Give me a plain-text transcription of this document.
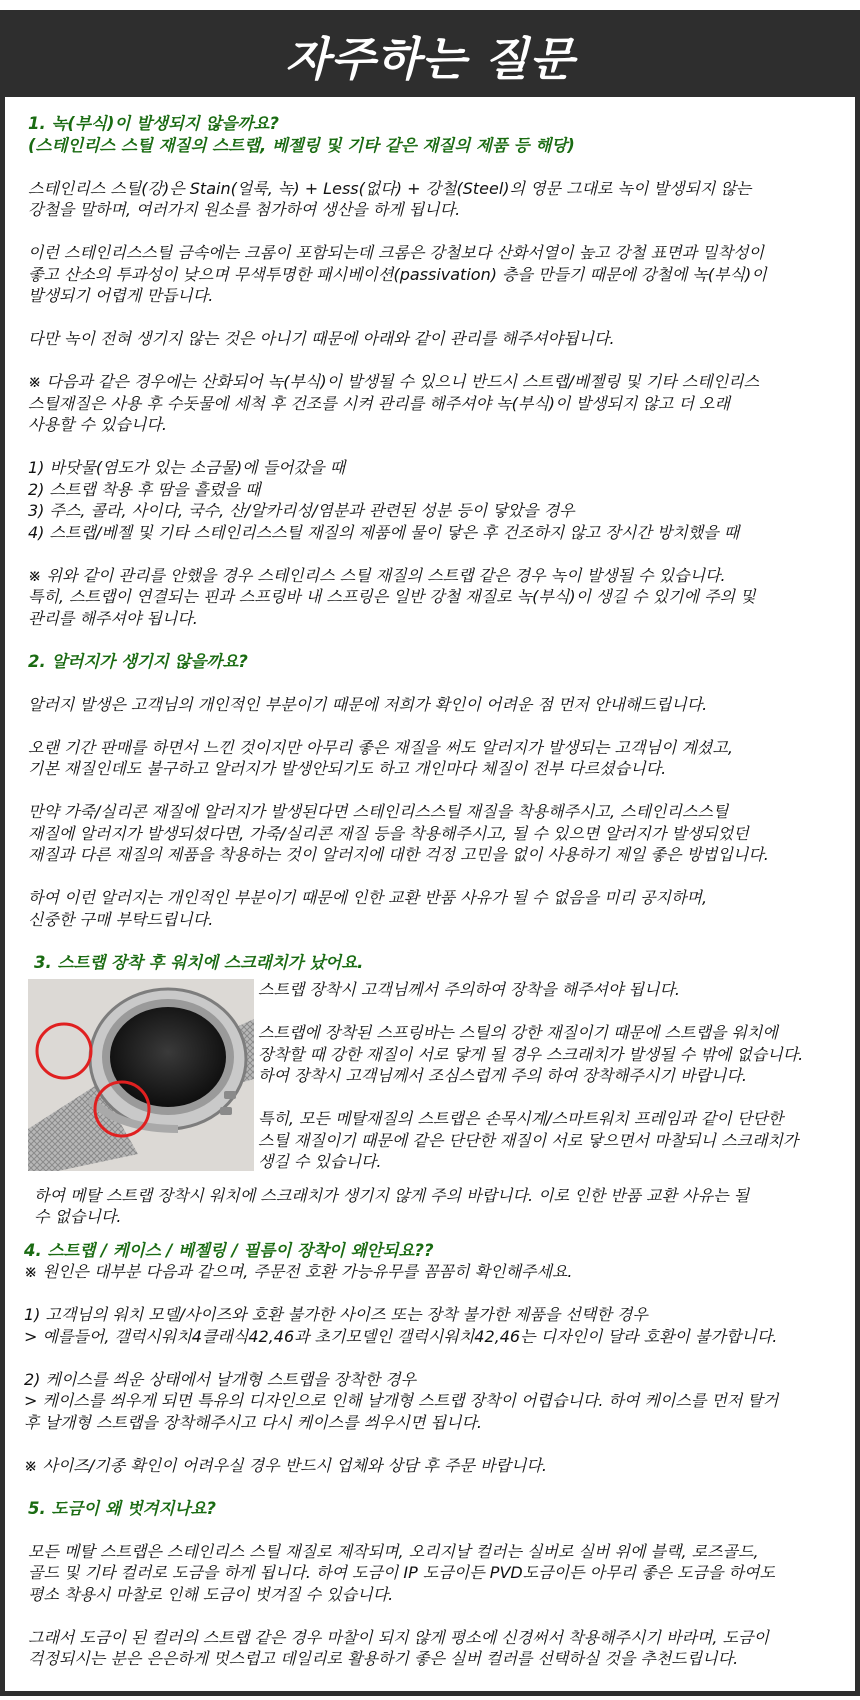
자주하는 질문

1. 녹(부식)이 발생되지 않을까요?

(스테인리스 스틸 재질의 스트랩, 베젤링 및 기타 같은 재질의 제품 등 해당)

스테인리스 스틸(강)은 Stain(얼룩, 녹) + Less(없다) + 강철(Steel)의 영문 그대로 녹이 발생되지 않는
강철을 말하며, 여러가지 원소를 첨가하여 생산을 하게 됩니다.

이런 스테인리스스틸 금속에는 크롬이 포함되는데 크롬은 강철보다 산화서열이 높고 강철 표면과 밀착성이
좋고 산소의 투과성이 낮으며 무색투명한 패시베이션(passivation) 층을 만들기 때문에 강철에 녹(부식)이
발생되기 어렵게 만듭니다.

다만 녹이 전혀 생기지 않는 것은 아니기 때문에 아래와 같이 관리를 해주셔야됩니다.

※ 다음과 같은 경우에는 산화되어 녹(부식)이 발생될 수 있으니 반드시 스트랩/베젤링 및 기타 스테인리스
스틸재질은 사용 후 수돗물에 세척 후 건조를 시켜 관리를 해주셔야 녹(부식)이 발생되지 않고 더 오래
사용할 수 있습니다.

1) 바닷물(염도가 있는 소금물)에 들어갔을 때
2) 스트랩 착용 후 땀을 흘렸을 때
3) 주스, 콜라, 사이다, 국수, 산/알카리성/염분과 관련된 성분 등이 닿았을 경우
4) 스트랩/베젤 및 기타 스테인리스스틸 재질의 제품에 물이 닿은 후 건조하지 않고 장시간 방치했을 때

※ 위와 같이 관리를 안했을 경우 스테인리스 스틸 재질의 스트랩 같은 경우 녹이 발생될 수 있습니다.
특히, 스트랩이 연결되는 핀과 스프링바 내 스프링은 일반 강철 재질로 녹(부식)이 생길 수 있기에 주의 및
관리를 해주셔야 됩니다.

2. 알러지가 생기지 않을까요?

알러지 발생은 고객님의 개인적인 부분이기 때문에 저희가 확인이 어려운 점 먼저 안내해드립니다.

오랜 기간 판매를 하면서 느낀 것이지만 아무리 좋은 재질을 써도 알러지가 발생되는 고객님이 계셨고,
기본 재질인데도 불구하고 알러지가 발생안되기도 하고 개인마다 체질이 전부 다르셨습니다.

만약 가죽/실리콘 재질에 알러지가 발생된다면 스테인리스스틸 재질을 착용해주시고, 스테인리스스틸
재질에 알러지가 발생되셨다면, 가죽/실리콘 재질 등을 착용해주시고, 될 수 있으면 알러지가 발생되었던
재질과 다른 재질의 제품을 착용하는 것이 알러지에 대한 걱정 고민을 없이 사용하기 제일 좋은 방법입니다.

하여 이런 알러지는 개인적인 부분이기 때문에 인한 교환 반품 사유가 될 수 없음을 미리 공지하며,
신중한 구매 부탁드립니다.

3. 스트랩 장착 후 워치에 스크래치가 났어요.

스트랩 장착시 고객님께서 주의하여 장착을 해주셔야 됩니다.

스트랩에 장착된 스프링바는 스틸의 강한 재질이기 때문에 스트랩을 워치에
장착할 때 강한 재질이 서로 닿게 될 경우 스크래치가 발생될 수 밖에 없습니다.
하여 장착시 고객님께서 조심스럽게 주의 하여 장착해주시기 바랍니다.

특히, 모든 메탈재질의 스트랩은 손목시계/스마트워치 프레임과 같이 단단한
스틸 재질이기 때문에 같은 단단한 재질이 서로 닿으면서 마찰되니 스크래치가
생길 수 있습니다.

하여 메탈 스트랩 장착시 워치에 스크래치가 생기지 않게 주의 바랍니다. 이로 인한 반품 교환 사유는 될
수 없습니다.

4. 스트랩 / 케이스 / 베젤링 / 필름이 장착이 왜안되요??

※ 원인은 대부분 다음과 같으며, 주문전 호환 가능유무를 꼼꼼히 확인해주세요.

1) 고객님의 워치 모델/사이즈와 호환 불가한 사이즈 또는 장착 불가한 제품을 선택한 경우
> 예를들어, 갤럭시워치4클래식42,46과 초기모델인 갤럭시워치42,46는 디자인이 달라 호환이 불가합니다.

2) 케이스를 씌운 상태에서 날개형 스트랩을 장착한 경우
> 케이스를 씌우게 되면 특유의 디자인으로 인해 날개형 스트랩 장착이 어렵습니다. 하여 케이스를 먼저 탈거
후 날개형 스트랩을 장착해주시고 다시 케이스를 씌우시면 됩니다.

※ 사이즈/기종 확인이 어려우실 경우 반드시 업체와 상담 후 주문 바랍니다.

5. 도금이 왜 벗겨지나요?

모든 메탈 스트랩은 스테인리스 스틸 재질로 제작되며, 오리지날 컬러는 실버로 실버 위에 블랙, 로즈골드,
골드 및 기타 컬러로 도금을 하게 됩니다. 하여 도금이 IP 도금이든 PVD도금이든 아무리 좋은 도금을 하여도
평소 착용시 마찰로 인해 도금이 벗겨질 수 있습니다.

그래서 도금이 된 컬러의 스트랩 같은 경우 마찰이 되지 않게 평소에 신경써서 착용해주시기 바라며, 도금이
걱정되시는 분은 은은하게 멋스럽고 데일리로 활용하기 좋은 실버 컬러를 선택하실 것을 추천드립니다.
